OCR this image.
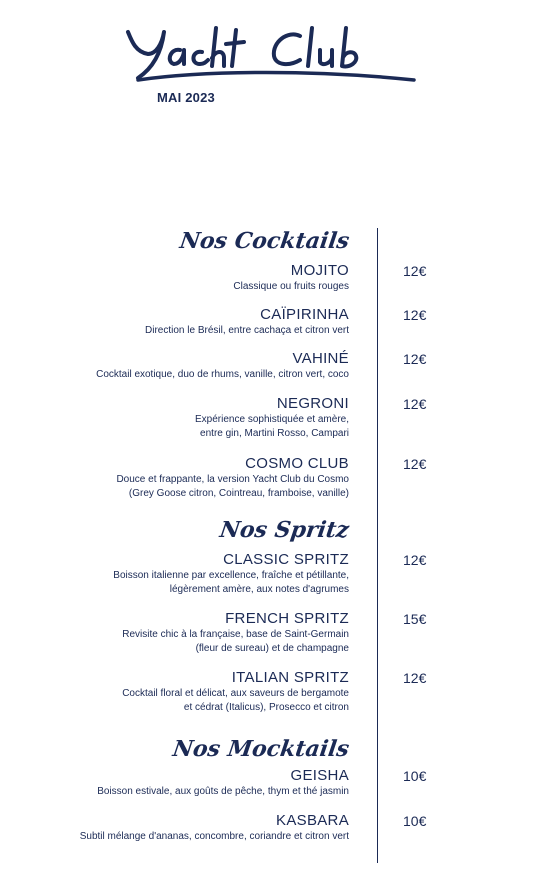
MAI 2023
Nos Cocktails
MOJITO
Classique ou fruits rouges
12€
CAÏPIRINHA
Direction le Brésil, entre cachaça et citron vert
12€
VAHINÉ
Cocktail exotique, duo de rhums, vanille, citron vert, coco
12€
NEGRONI
Expérience sophistiquée et amère,
entre gin, Martini Rosso, Campari
12€
COSMO CLUB
Douce et frappante, la version Yacht Club du Cosmo
(Grey Goose citron, Cointreau, framboise, vanille)
12€
Nos Spritz
CLASSIC SPRITZ
Boisson italienne par excellence, fraîche et pétillante,
légèrement amère, aux notes d'agrumes
12€
FRENCH SPRITZ
Revisite chic à la française, base de Saint-Germain
(fleur de sureau) et de champagne
15€
ITALIAN SPRITZ
Cocktail floral et délicat, aux saveurs de bergamote
et cédrat (Italicus), Prosecco et citron
12€
Nos Mocktails
GEISHA
Boisson estivale, aux goûts de pêche, thym et thé jasmin
10€
KASBARA
Subtil mélange d'ananas, concombre, coriandre et citron vert
10€
